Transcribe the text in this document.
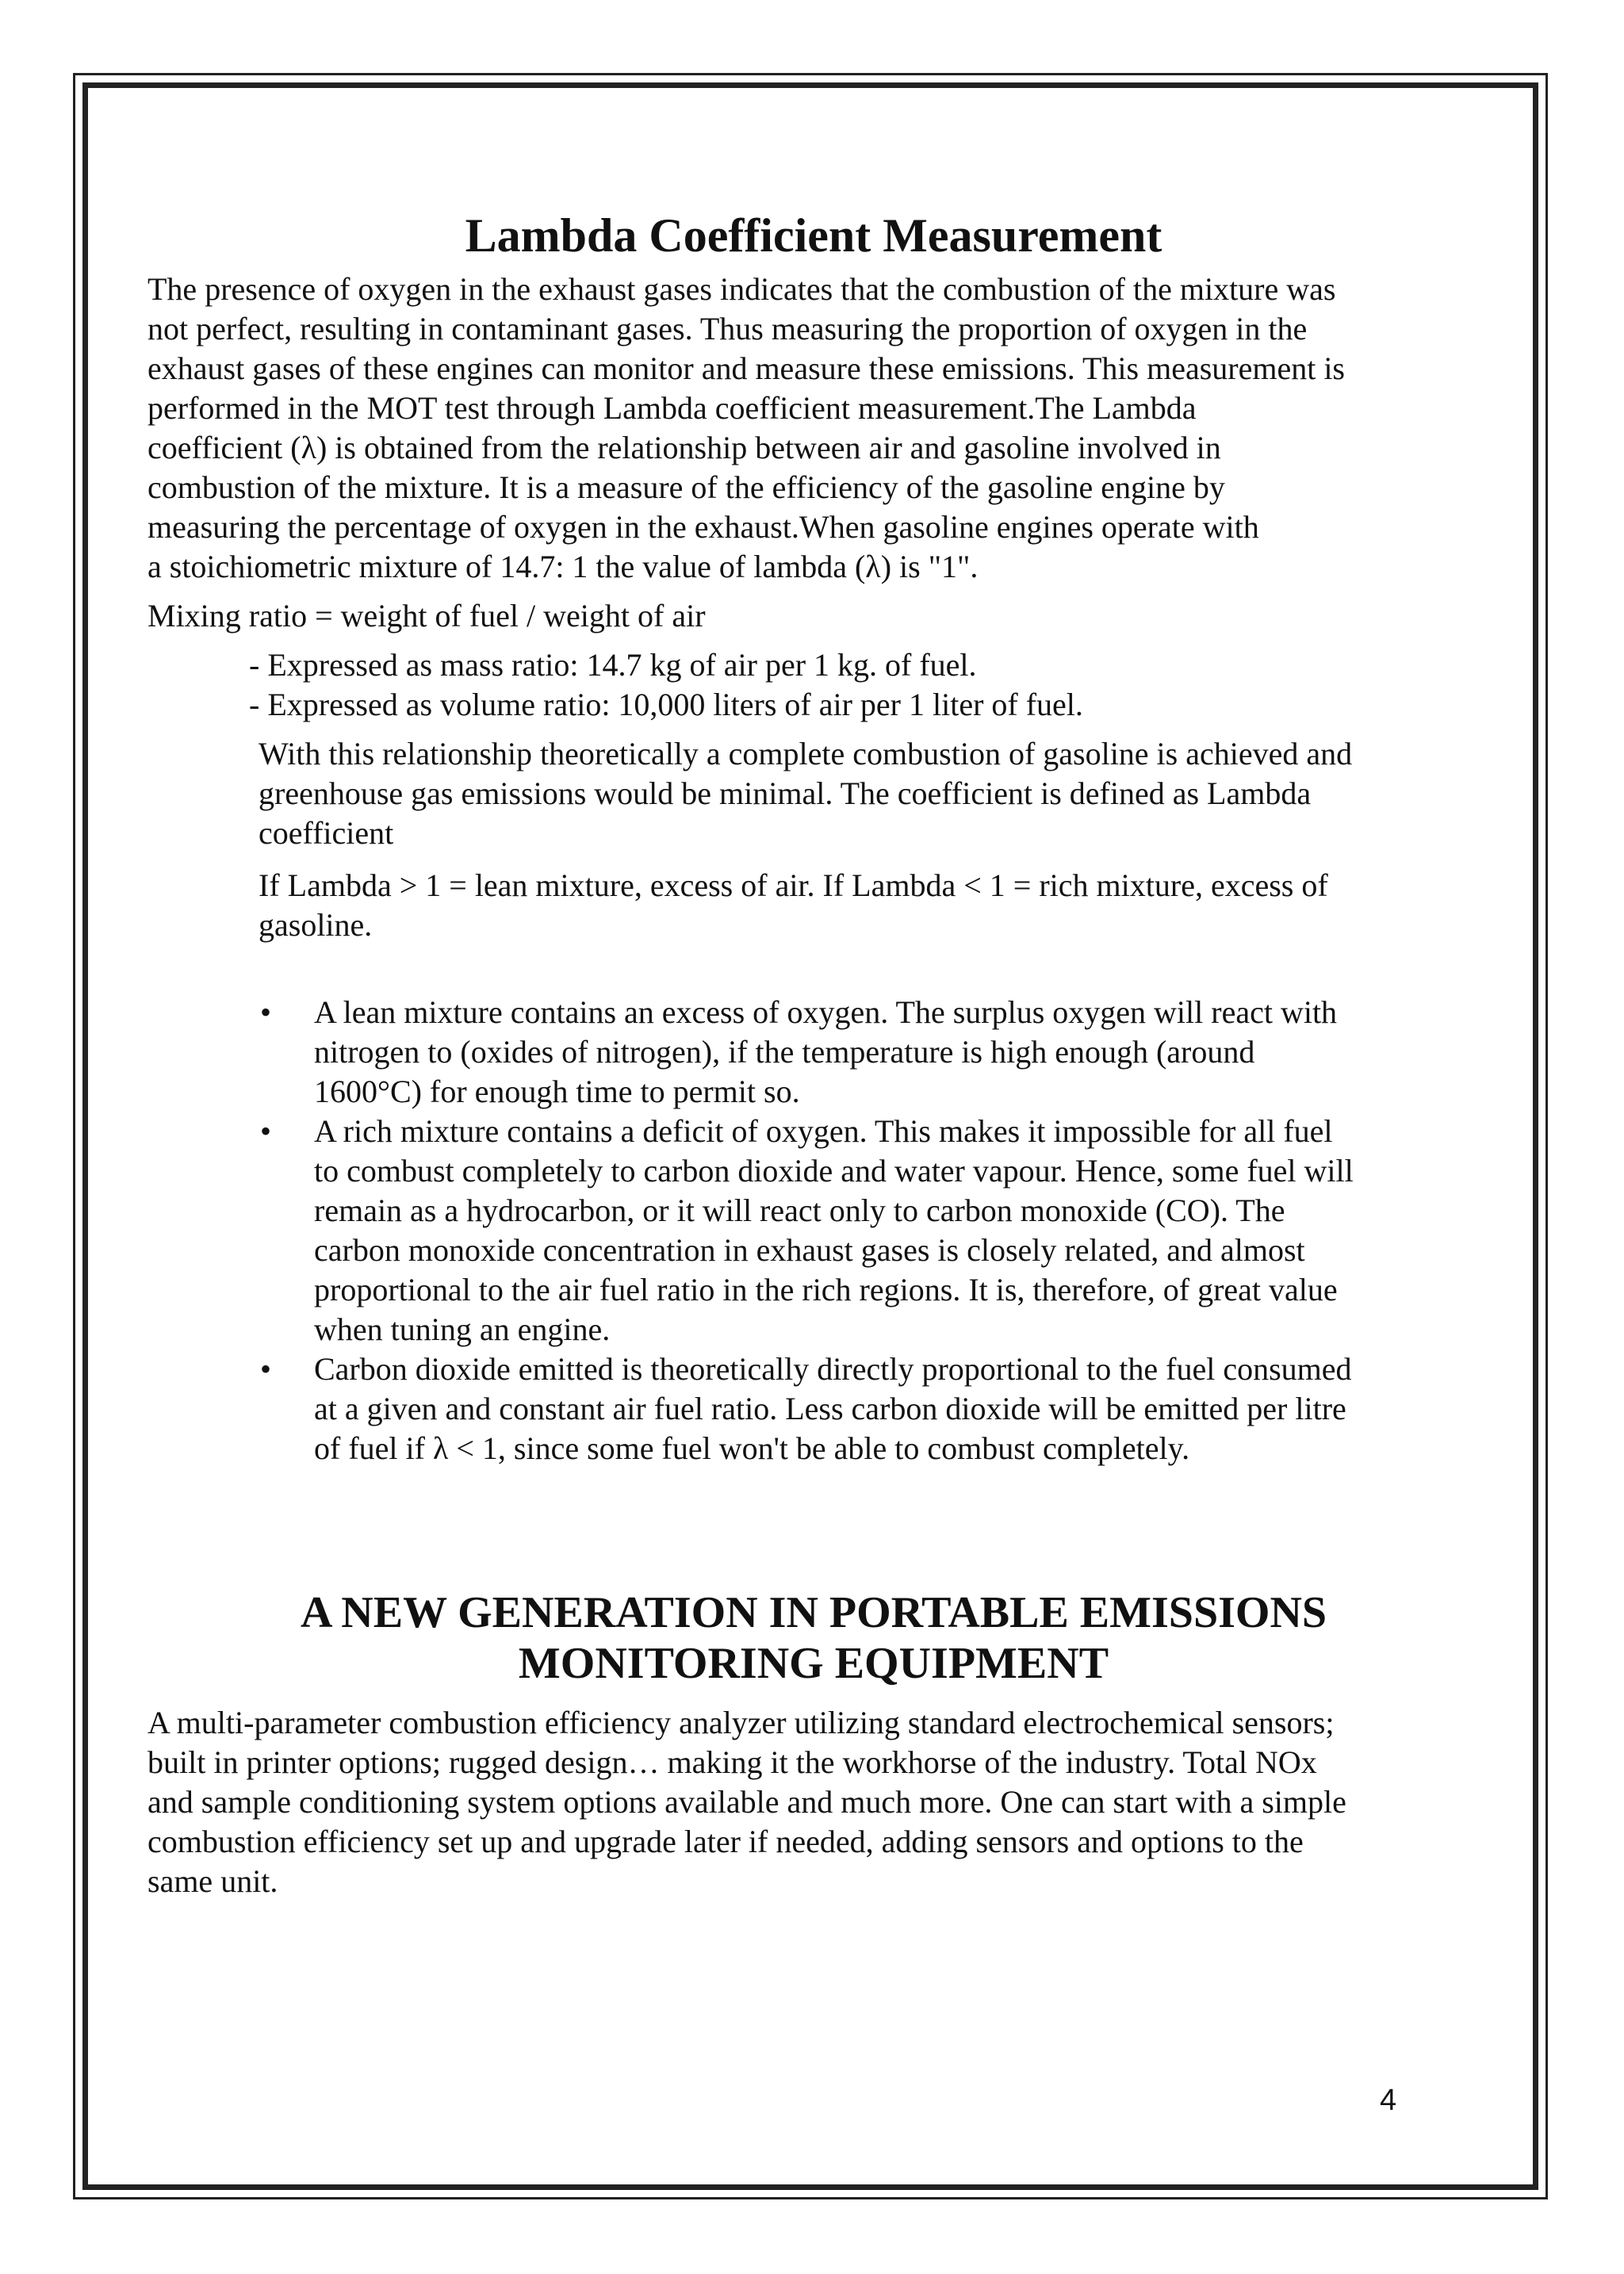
Lambda Coefficient Measurement

The presence of oxygen in the exhaust gases indicates that the combustion of the mixture was
not perfect, resulting in contaminant gases. Thus measuring the proportion of oxygen in the
exhaust gases of these engines can monitor and measure these emissions. This measurement is
performed in the MOT test through Lambda coefficient measurement.The Lambda
coefficient (λ) is obtained from the relationship between air and gasoline involved in
combustion of the mixture. It is a measure of the efficiency of the gasoline engine by
measuring the percentage of oxygen in the exhaust.When gasoline engines operate with
a stoichiometric mixture of 14.7: 1 the value of lambda (λ) is "1".

Mixing ratio = weight of fuel / weight of air

- Expressed as mass ratio: 14.7 kg of air per 1 kg. of fuel.
- Expressed as volume ratio: 10,000 liters of air per 1 liter of fuel.

With this relationship theoretically a complete combustion of gasoline is achieved and
greenhouse gas emissions would be minimal. The coefficient is defined as Lambda
coefficient

If Lambda > 1 = lean mixture, excess of air. If Lambda < 1 = rich mixture, excess of
gasoline.

• A lean mixture contains an excess of oxygen. The surplus oxygen will react with
nitrogen to (oxides of nitrogen), if the temperature is high enough (around
1600°C) for enough time to permit so.
• A rich mixture contains a deficit of oxygen. This makes it impossible for all fuel
to combust completely to carbon dioxide and water vapour. Hence, some fuel will
remain as a hydrocarbon, or it will react only to carbon monoxide (CO). The
carbon monoxide concentration in exhaust gases is closely related, and almost
proportional to the air fuel ratio in the rich regions. It is, therefore, of great value
when tuning an engine.
• Carbon dioxide emitted is theoretically directly proportional to the fuel consumed
at a given and constant air fuel ratio. Less carbon dioxide will be emitted per litre
of fuel if λ < 1, since some fuel won't be able to combust completely.
A NEW GENERATION IN PORTABLE EMISSIONS
MONITORING EQUIPMENT

A multi-parameter combustion efficiency analyzer utilizing standard electrochemical sensors;
built in printer options; rugged design… making it the workhorse of the industry. Total NOx
and sample conditioning system options available and much more. One can start with a simple
combustion efficiency set up and upgrade later if needed, adding sensors and options to the
same unit.

4
